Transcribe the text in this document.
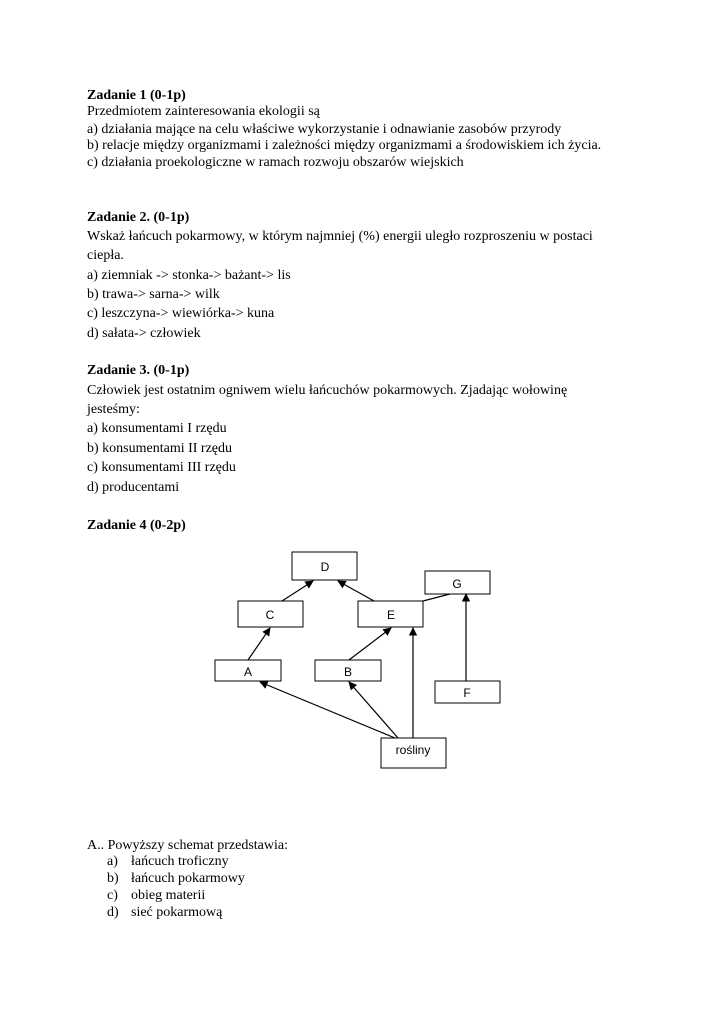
Zadanie 1 (0-1p)
Przedmiotem zainteresowania ekologii są
a) działania mające na celu właściwe wykorzystanie i odnawianie zasobów przyrody
b) relacje między organizmami i zależności między organizmami a środowiskiem ich życia.
c) działania proekologiczne w ramach rozwoju obszarów wiejskich
Zadanie 2. (0-1p)
Wskaż łańcuch pokarmowy, w którym najmniej (%) energii uległo rozproszeniu w postaci
ciepła.
a) ziemniak -> stonka-> bażant-> lis
b) trawa-> sarna-> wilk
c) leszczyna-> wiewiórka-> kuna
d) sałata-> człowiek
Zadanie 3. (0-1p)
Człowiek jest ostatnim ogniwem wielu łańcuchów pokarmowych. Zjadając wołowinę
jesteśmy:
a) konsumentami I rzędu
b) konsumentami II rzędu
c) konsumentami III rzędu
d) producentami
Zadanie 4 (0-2p)
D
G
C	E
A	B
F
rośliny
A.. Powyższy schemat przedstawia:
a) łańcuch troficzny
b) łańcuch pokarmowy
c) obieg materii
d) sieć pokarmową
